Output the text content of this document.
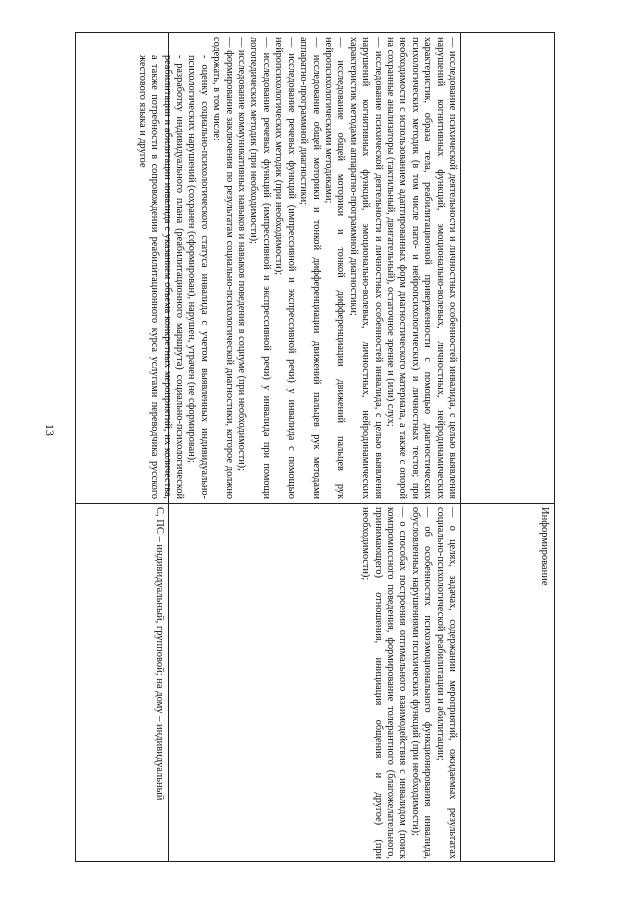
13	— исследование психической деятельности и личностных особенностей инвалида, с целью выявления нарушений когнитивных функций, эмоционально-волевых, личностных, нейродинамических характеристик, образа тела, реабилитационной приверженности с помощью диагностических психологических методик (в том числе пато- и нейропсихологических) и личностных тестов; при необходимости с использованием адаптированных форм диагностического материала, а также с опорой на сохранные анализаторы (тактильный, двигательный), остаточное зрение и (или) слух;

— исследование психической деятельности и личностных особенностей инвалида, с целью выявления нарушений когнитивных функций, эмоционально-волевых, личностных, нейродинамических характеристик методами аппаратно-программной диагностики;

— исследование общей моторики и тонкой дифференциации движений пальцев рук нейропсихологическими методиками;

— исследование общей моторики и тонкой дифференциации движений пальцев рук методами аппаратно-программной диагностики;

— исследование речевых функций (импрессивной и экспрессивной речи) у инвалида с помощью нейропсихологических методик (при необходимости);

— исследование речевых функций (импрессивной и экспрессивной речи) у инвалида при помощи логопедических методик (при необходимости);

— исследование коммуникативных навыков и навыков поведения в социуме (при необходимости);

— формирование заключения по результатам социально-психологической диагностики, которое должно содержать, в том числе:

- оценку социально-психологического статуса инвалида с учетом выявленных индивидуально-психологических нарушений (сохранен (сформирован), нарушен, утрачен (не сформирован);

- разработку индивидуального плана (реабилитационного маршрута) социально-психологической реабилитации и абилитации инвалида с указанием объема конкретных мероприятий, их количества, а также потребности в сопровождении реабилитационного курса услугами переводчика русского жестового языка и другое

Информирование

— о целях, задачах, содержании мероприятий, ожидаемых результатах социально-психологической реабилитации и абилитации;

— об особенностях психоэмоционального функционирования инвалида, обусловленных нарушениями психических функций (при необходимости);

— о способах построения оптимального взаимодействия с инвалидом (поиск компромиссного поведения, формирование толерантного (благожелательного, принимающего) отношения, инициация общения и другое) (при необходимости);

С, ПС – индивидуальный, групповой; на дому – индивидуальный
